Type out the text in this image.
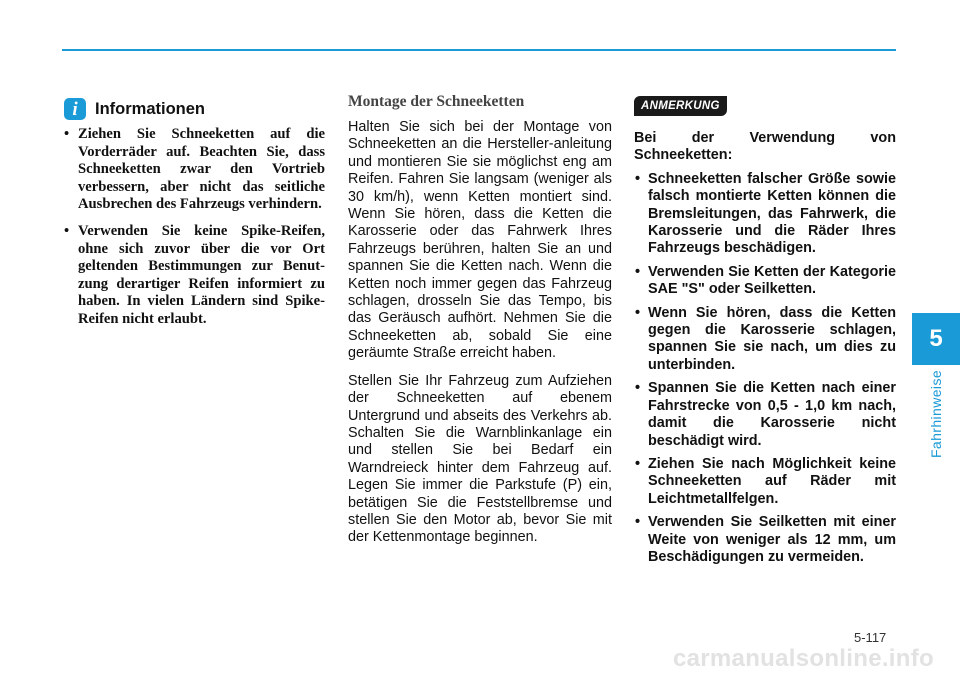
i	Informationen
• Ziehen Sie Schneeketten auf die Vorderräder auf. Beachten Sie, dass Schneeketten zwar den Vortrieb verbessern, aber nicht das seitliche Ausbrechen des Fahrzeugs verhindern.
• Verwenden Sie keine Spike-Reifen, ohne sich zuvor über die vor Ort geltenden Bestimmungen zur Benut-zung derartiger Reifen informiert zu haben. In vielen Ländern sind Spike-Reifen nicht erlaubt.
Montage der Schneeketten

Halten Sie sich bei der Montage von Schneeketten an die Hersteller-anleitung und montieren Sie sie möglichst eng am Reifen. Fahren Sie langsam (weniger als 30 km/h), wenn Ketten montiert sind. Wenn Sie hören, dass die Ketten die Karosserie oder das Fahrwerk Ihres Fahrzeugs berühren, halten Sie an und spannen Sie die Ketten nach. Wenn die Ketten noch immer gegen das Fahrzeug schlagen, drosseln Sie das Tempo, bis das Geräusch aufhört. Nehmen Sie die Schneeketten ab, sobald Sie eine geräumte Straße erreicht haben.

Stellen Sie Ihr Fahrzeug zum Aufziehen der Schneeketten auf ebenem Untergrund und abseits des Verkehrs ab. Schalten Sie die Warnblinkanlage ein und stellen Sie bei Bedarf ein Warndreieck hinter dem Fahrzeug auf. Legen Sie immer die Parkstufe (P) ein, betätigen Sie die Feststellbremse und stellen Sie den Motor ab, bevor Sie mit der Kettenmontage beginnen.

ANMERKUNG

Bei der Verwendung von Schneeketten:

• Schneeketten falscher Größe sowie falsch montierte Ketten können die Bremsleitungen, das Fahrwerk, die Karosserie und die Räder Ihres Fahrzeugs beschädigen.
• Verwenden Sie Ketten der Kategorie SAE "S" oder Seilketten.
• Wenn Sie hören, dass die Ketten gegen die Karosserie schlagen, spannen Sie sie nach, um dies zu unterbinden.
• Spannen Sie die Ketten nach einer Fahrstrecke von 0,5 - 1,0 km nach, damit die Karosserie nicht beschädigt wird.
• Ziehen Sie nach Möglichkeit keine Schneeketten auf Räder mit Leichtmetallfelgen.
• Verwenden Sie Seilketten mit einer Weite von weniger als 12 mm, um Beschädigungen zu vermeiden.
5
Fahrhinweise
5-117
carmanualsonline.info
